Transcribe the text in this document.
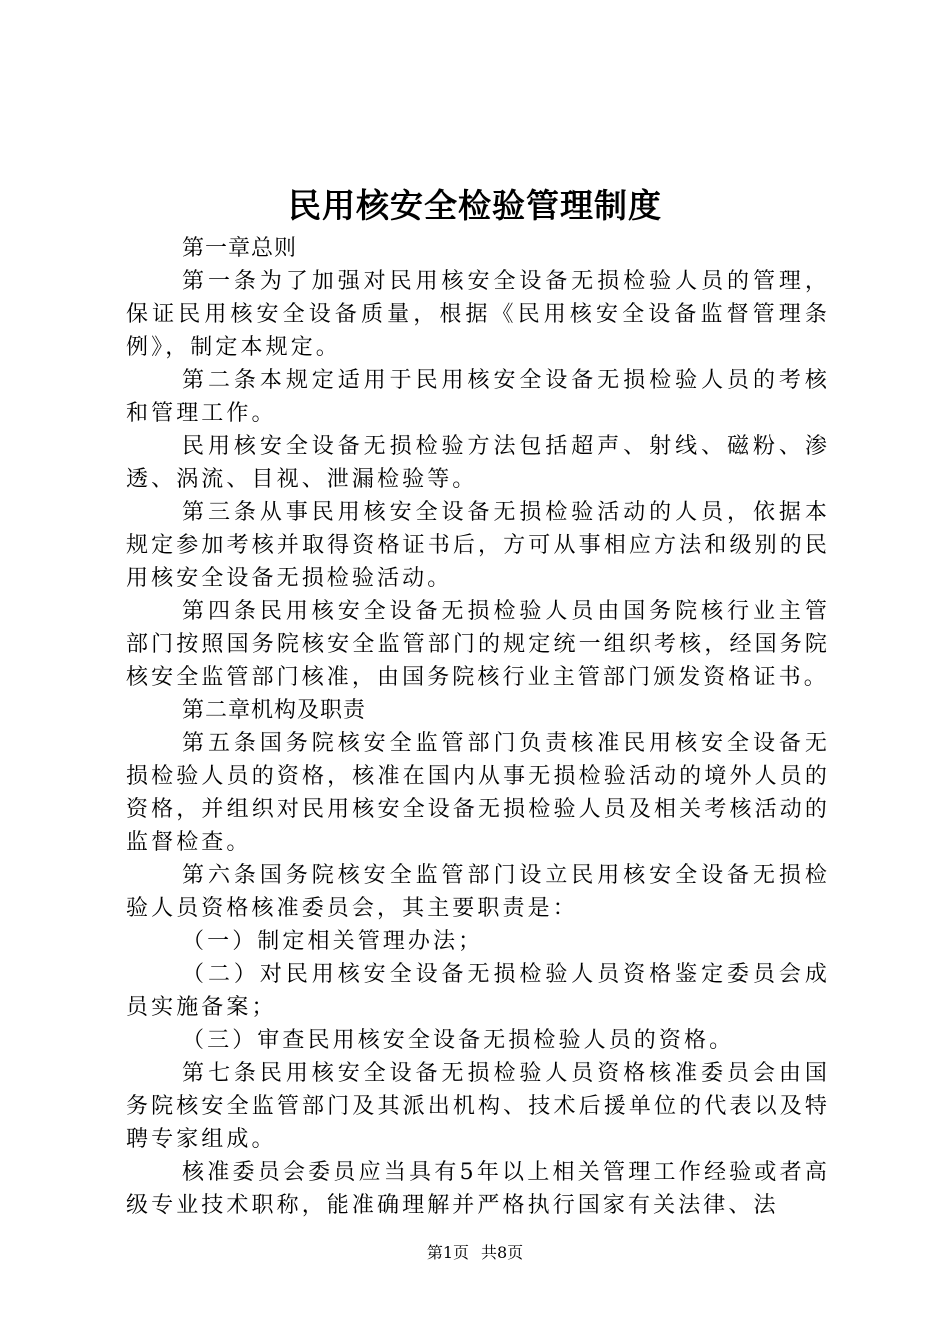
民用核安全检验管理制度

第一章总则

第一条为了加强对民用核安全设备无损检验人员的管理，保证民用核安全设备质量，根据《民用核安全设备监督管理条例》，制定本规定。

第二条本规定适用于民用核安全设备无损检验人员的考核和管理工作。

民用核安全设备无损检验方法包括超声、射线、磁粉、渗透、涡流、目视、泄漏检验等。

第三条从事民用核安全设备无损检验活动的人员，依据本规定参加考核并取得资格证书后，方可从事相应方法和级别的民用核安全设备无损检验活动。

第四条民用核安全设备无损检验人员由国务院核行业主管部门按照国务院核安全监管部门的规定统一组织考核，经国务院核安全监管部门核准，由国务院核行业主管部门颁发资格证书。

第二章机构及职责

第五条国务院核安全监管部门负责核准民用核安全设备无损检验人员的资格，核准在国内从事无损检验活动的境外人员的资格，并组织对民用核安全设备无损检验人员及相关考核活动的监督检查。

第六条国务院核安全监管部门设立民用核安全设备无损检验人员资格核准委员会，其主要职责是：

（一）制定相关管理办法；

（二）对民用核安全设备无损检验人员资格鉴定委员会成员实施备案；

（三）审查民用核安全设备无损检验人员的资格。

第七条民用核安全设备无损检验人员资格核准委员会由国务院核安全监管部门及其派出机构、技术后援单位的代表以及特聘专家组成。

核准委员会委员应当具有5年以上相关管理工作经验或者高级专业技术职称，能准确理解并严格执行国家有关法律、法

第1页 共8页
